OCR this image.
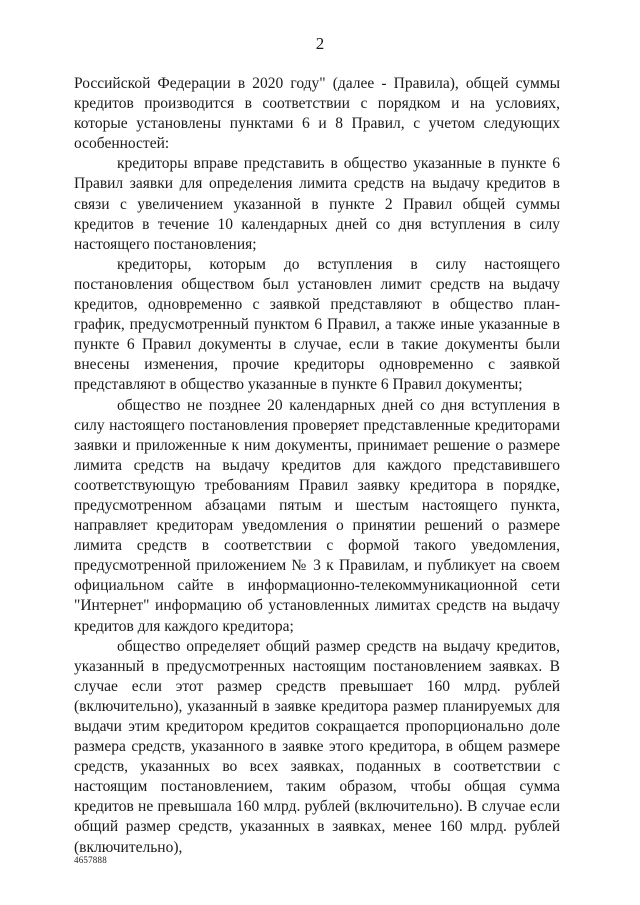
2

Российской Федерации в 2020 году" (далее - Правила), общей суммы кредитов производится в соответствии с порядком и на условиях, которые установлены пунктами 6 и 8 Правил, с учетом следующих особенностей:

кредиторы вправе представить в общество указанные в пункте 6 Правил заявки для определения лимита средств на выдачу кредитов в связи с увеличением указанной в пункте 2 Правил общей суммы кредитов в течение 10 календарных дней со дня вступления в силу настоящего постановления;

кредиторы, которым до вступления в силу настоящего постановления обществом был установлен лимит средств на выдачу кредитов, одновременно с заявкой представляют в общество план-график, предусмотренный пунктом 6 Правил, а также иные указанные в пункте 6 Правил документы в случае, если в такие документы были внесены изменения, прочие кредиторы одновременно с заявкой представляют в общество указанные в пункте 6 Правил документы;

общество не позднее 20 календарных дней со дня вступления в силу настоящего постановления проверяет представленные кредиторами заявки и приложенные к ним документы, принимает решение о размере лимита средств на выдачу кредитов для каждого представившего соответствующую требованиям Правил заявку кредитора в порядке, предусмотренном абзацами пятым и шестым настоящего пункта, направляет кредиторам уведомления о принятии решений о размере лимита средств в соответствии с формой такого уведомления, предусмотренной приложением № 3 к Правилам, и публикует на своем официальном сайте в информационно-телекоммуникационной сети "Интернет" информацию об установленных лимитах средств на выдачу кредитов для каждого кредитора;

общество определяет общий размер средств на выдачу кредитов, указанный в предусмотренных настоящим постановлением заявках. В случае если этот размер средств превышает 160 млрд. рублей (включительно), указанный в заявке кредитора размер планируемых для выдачи этим кредитором кредитов сокращается пропорционально доле размера средств, указанного в заявке этого кредитора, в общем размере средств, указанных во всех заявках, поданных в соответствии с настоящим постановлением, таким образом, чтобы общая сумма кредитов не превышала 160 млрд. рублей (включительно). В случае если общий размер средств, указанных в заявках, менее 160 млрд. рублей (включительно),

4657888
